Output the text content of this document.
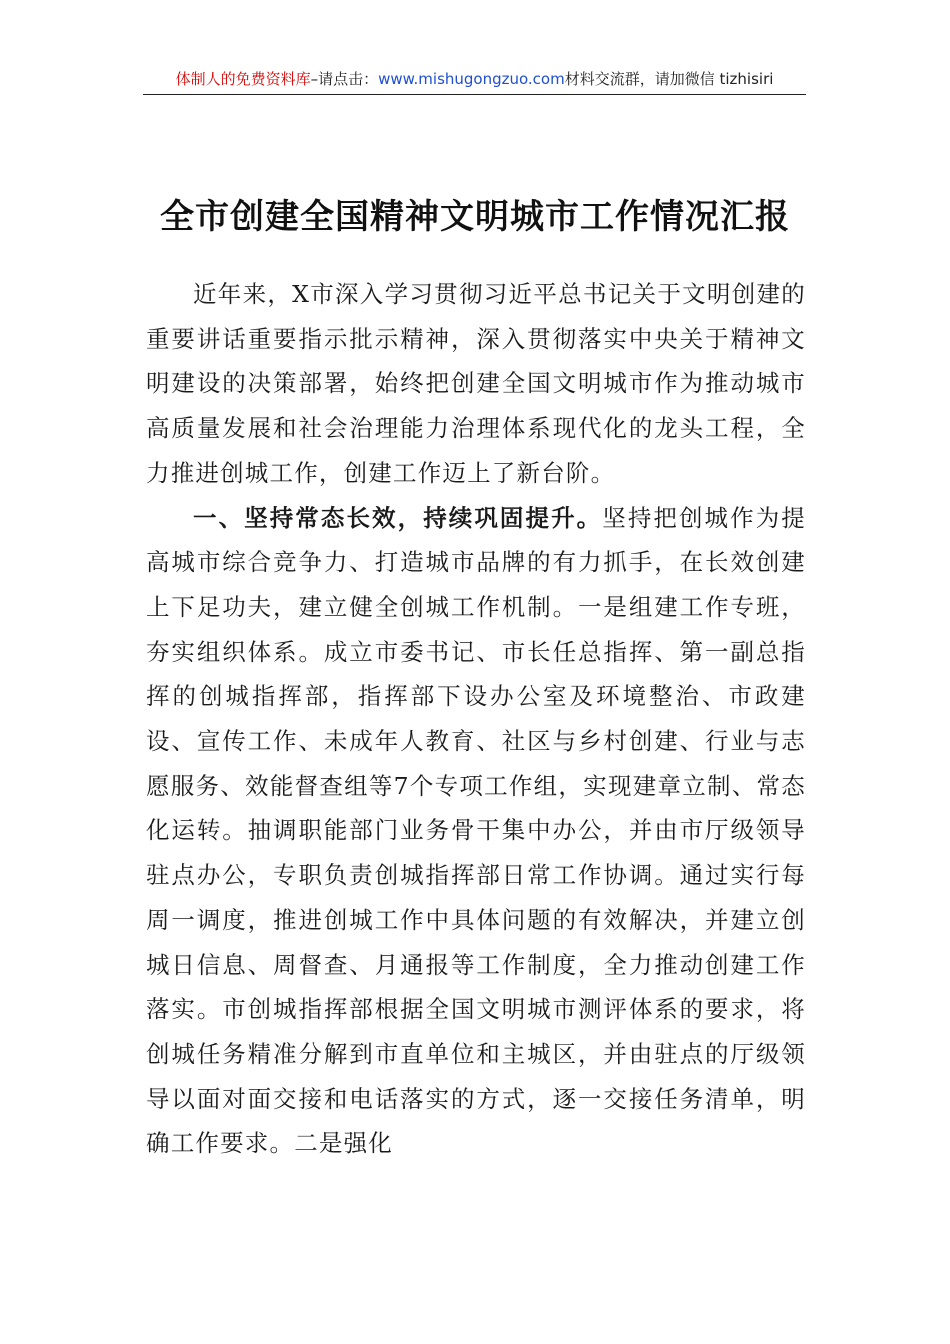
体制人的免费资料库–请点击：www.mishugongzuo.com材料交流群，请加微信 tizhisiri
全市创建全国精神文明城市工作情况汇报

近年来，X市深入学习贯彻习近平总书记关于文明创建的重要讲话重要指示批示精神，深入贯彻落实中央关于精神文明建设的决策部署，始终把创建全国文明城市作为推动城市高质量发展和社会治理能力治理体系现代化的龙头工程，全力推进创城工作，创建工作迈上了新台阶。

一、坚持常态长效，持续巩固提升。坚持把创城作为提高城市综合竞争力、打造城市品牌的有力抓手，在长效创建上下足功夫，建立健全创城工作机制。一是组建工作专班，夯实组织体系。成立市委书记、市长任总指挥、第一副总指挥的创城指挥部，指挥部下设办公室及环境整治、市政建设、宣传工作、未成年人教育、社区与乡村创建、行业与志愿服务、效能督查组等7个专项工作组，实现建章立制、常态化运转。抽调职能部门业务骨干集中办公，并由市厅级领导驻点办公，专职负责创城指挥部日常工作协调。通过实行每周一调度，推进创城工作中具体问题的有效解决，并建立创城日信息、周督查、月通报等工作制度，全力推动创建工作落实。市创城指挥部根据全国文明城市测评体系的要求，将创城任务精准分解到市直单位和主城区，并由驻点的厅级领导以面对面交接和电话落实的方式，逐一交接任务清单，明确工作要求。二是强化
